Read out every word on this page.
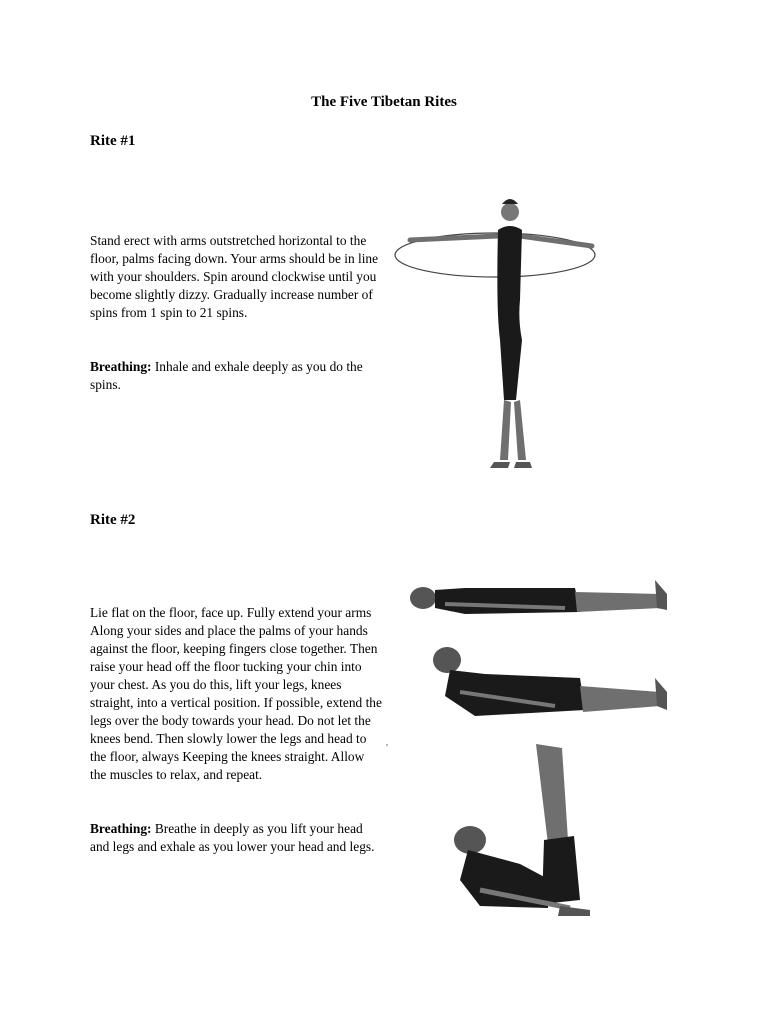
The Five Tibetan Rites
Rite #1

Stand erect with arms outstretched horizontal to the floor, palms facing down. Your arms should be in line with your shoulders. Spin around clockwise until you become slightly dizzy. Gradually increase number of spins from 1 spin to 21 spins.

Breathing: Inhale and exhale deeply as you do the spins.

Rite #2

Lie flat on the floor, face up. Fully extend your arms Along your sides and place the palms of your hands against the floor, keeping fingers close together. Then raise your head off the floor tucking your chin into your chest. As you do this, lift your legs, knees straight, into a vertical position. If possible, extend the legs over the body towards your head. Do not let the knees bend. Then slowly lower the legs and head to the floor, always Keeping the knees straight. Allow the muscles to relax, and repeat.

Breathing: Breathe in deeply as you lift your head and legs and exhale as you lower your head and legs.

'
